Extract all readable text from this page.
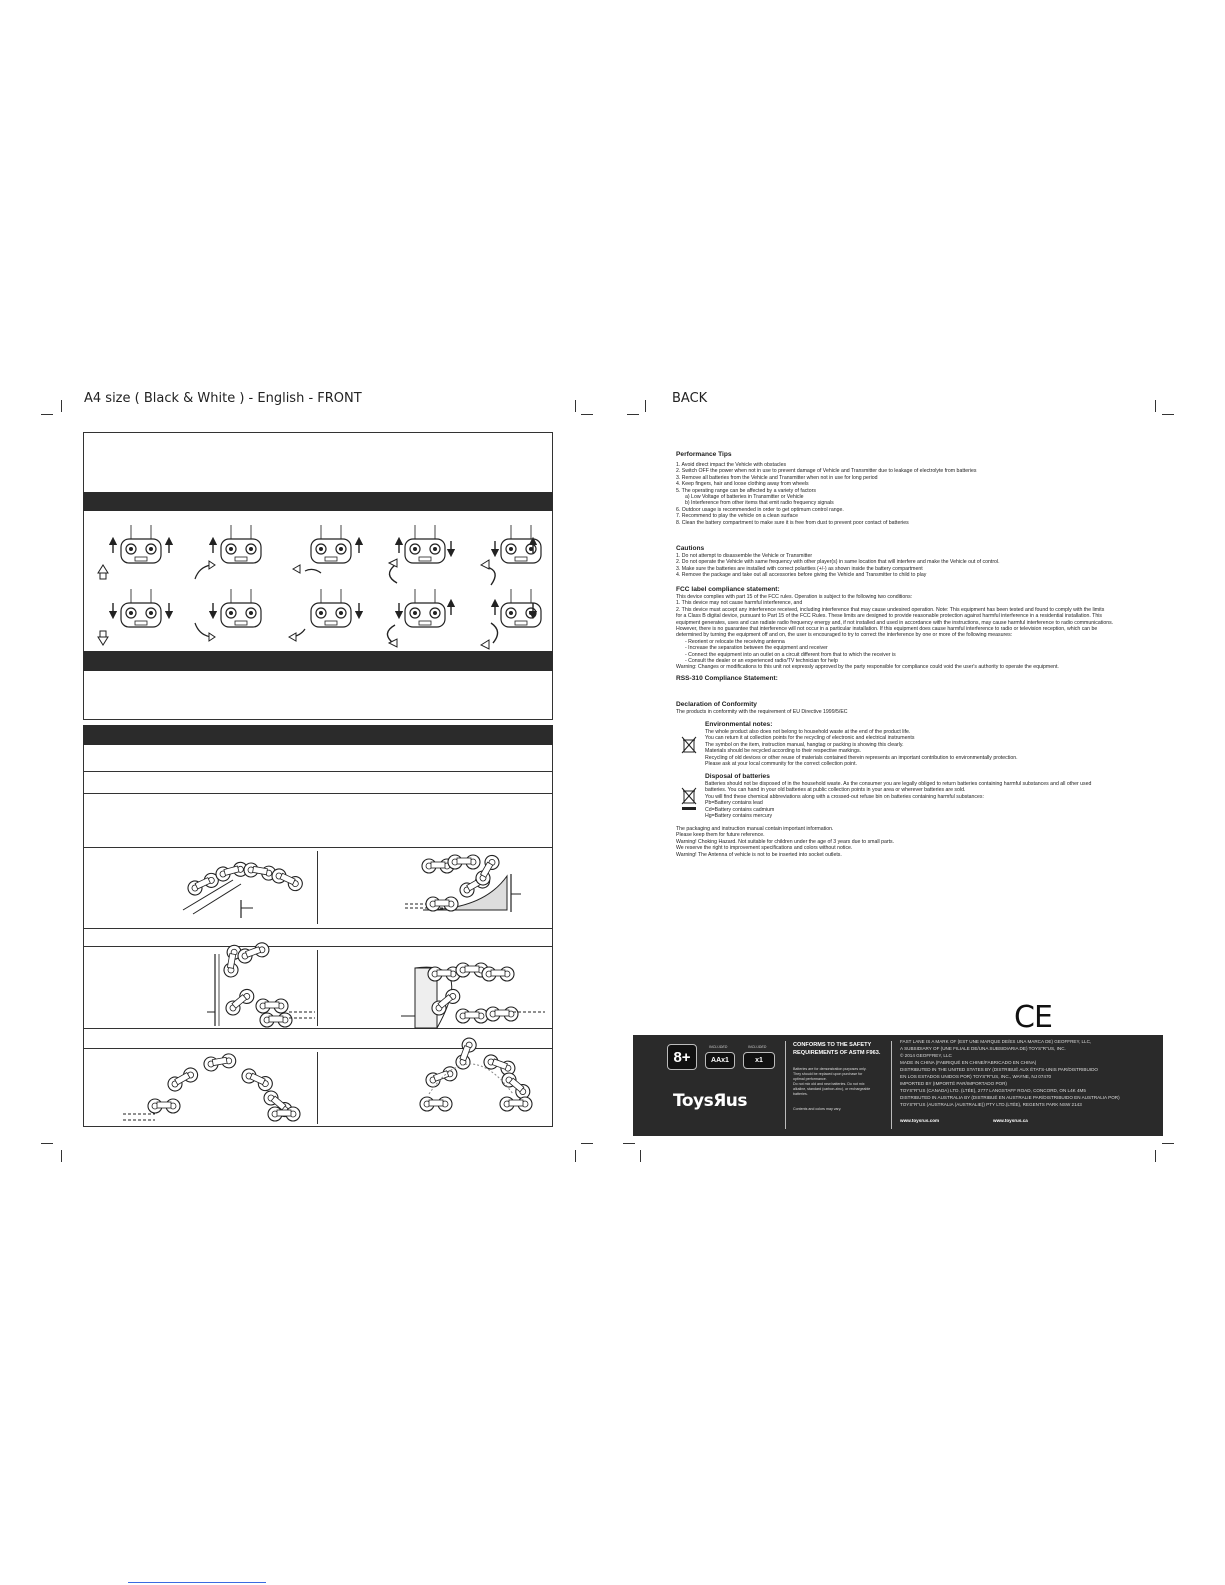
A4 size ( Black & White ) - English - FRONT	BACK
Performance Tips
1. Avoid direct impact the Vehicle with obstacles
2. Switch OFF the power when not in use to prevent damage of Vehicle and Transmitter due to leakage of electrolyte from batteries
3. Remove all batteries from the Vehicle and Transmitter when not in use for long period
4. Keep fingers, hair and loose clothing away from wheels
5. The operating range can be affected by a variety of factors
a) Low Voltage of batteries in Transmitter or Vehicle
b) Interference from other items that emit radio frequency signals
6. Outdoor usage is recommended in order to get optimum control range.
7. Recommend to play the vehicle on a clean surface
8. Clean the battery compartment to make sure it is free from dust to prevent poor contact of batteries
Cautions
1. Do not attempt to disassemble the Vehicle or Transmitter
2. Do not operate the Vehicle with same frequency with other player(s) in same location that will interfere and make the Vehicle out of control.
3. Make sure the batteries are installed with correct polarities (+/-) as shown inside the battery compartment
4. Remove the package and take out all accessories before giving the Vehicle and Transmitter to child to play
FCC label compliance statement:
This device complies with part 15 of the FCC rules. Operation is subject to the following two conditions:
1. This device may not cause harmful interference, and
2. This device must accept any interference received, including interference that may cause undesired operation. Note: This equipment has been tested and found to comply with the limits
for a Class B digital device, pursuant to Part 15 of the FCC Rules. These limits are designed to provide reasonable protection against harmful interference in a residential installation. This
equipment generates, uses and can radiate radio frequency energy and, if not installed and used in accordance with the instructions, may cause harmful interference to radio communications.
However, there is no guarantee that interference will not occur in a particular installation. If this equipment does cause harmful interference to radio or television reception, which can be
determined by turning the equipment off and on, the user is encouraged to try to correct the interference by one or more of the following measures:
- Reorient or relocate the receiving antenna
- Increase the separation between the equipment and receiver
- Connect the equipment into an outlet on a circuit different from that to which the receiver is
- Consult the dealer or an experienced radio/TV technician for help
Warning: Changes or modifications to this unit not expressly approved by the party responsible for compliance could void the user's authority to operate the equipment.
RSS-310 Compliance Statement:
Declaration of Conformity
The products in conformity with the requirement of EU Directive 1999/5/EC
Environmental notes:
The whole product also does not belong to household waste at the end of the product life.
You can return it at collection points for the recycling of electronic and electrical instruments
The symbol on the item, instruction manual, hangtag or packing is showing this clearly.
Materials should be recycled according to their respective markings.
Recycling of old devices or other reuse of materials contained therein represents an important contribution to environmentally protection.
Please ask at your local community for the correct collection point.
Disposal of batteries
Batteries should not be disposed of in the household waste. As the consumer you are legally obliged to return batteries containing harmful substances and all other used
batteries. You can hand in your old batteries at public collection points in your area or wherever batteries are sold.
You will find these chemical abbreviations along with a crossed-out refuse bin on batteries containing harmful substances:
Pb=Battery contains lead
Cd=Battery contains cadmium
Hg=Battery contains mercury
The packaging and instruction manual contain important information.
Please keep them for future reference.
Warning! Choking Hazard. Not suitable for children under the age of 3 years due to small parts.
We reserve the right to improvement specifications and colors without notice.
Warning! The Antenna of vehicle is not to be inserted into socket outlets.
CE
8+
INCLUDED
AAx1
INCLUDED
x1
ToysЯus
CONFORMS TO THE SAFETY
REQUIREMENTS OF ASTM F963.
Batteries are for demonstration purposes only.
They should be replaced upon purchase for
optimal performance.
Do not mix old and new batteries. Do not mix
alkaline, standard (carbon-zinc), or rechargeable
batteries.
Contents and colors may vary.
FAST LANE IS A MARK OF (EST UNE MARQUE DE/ES UNA MARCA DE) GEOFFREY, LLC,
A SUBSIDIARY OF (UNE FILIALE DE/UNA SUBSIDIARIA DE) TOYS"R"US, INC.
© 2014 GEOFFREY, LLC
MADE IN CHINA (FABRIQUÉ EN CHINE/FABRICADO EN CHINA)
DISTRIBUTED IN THE UNITED STATES BY (DISTRIBUÉ AUX ÉTATS-UNIS PAR/DISTRIBUIDO
EN LOS ESTADOS UNIDOS POR) TOYS"R"US, INC., WAYNE, NJ 07470
IMPORTED BY (IMPORTÉ PAR/IMPORTADO POR)
TOYS"R"US (CANADA) LTD. (LTÉE), 2777 LANGSTAFF ROAD, CONCORD, ON L4K 4M5
DISTRIBUTED IN AUSTRALIA BY (DISTRIBUÉ EN AUSTRALIE PAR/DISTRIBUIDO EN AUSTRALIA POR)
TOYS"R"US (AUSTRALIA (AUSTRALIE)) PTY LTD.(LTÉE), REGENTS PARK NSW 2143
www.toysrus.com	www.toysrus.ca
